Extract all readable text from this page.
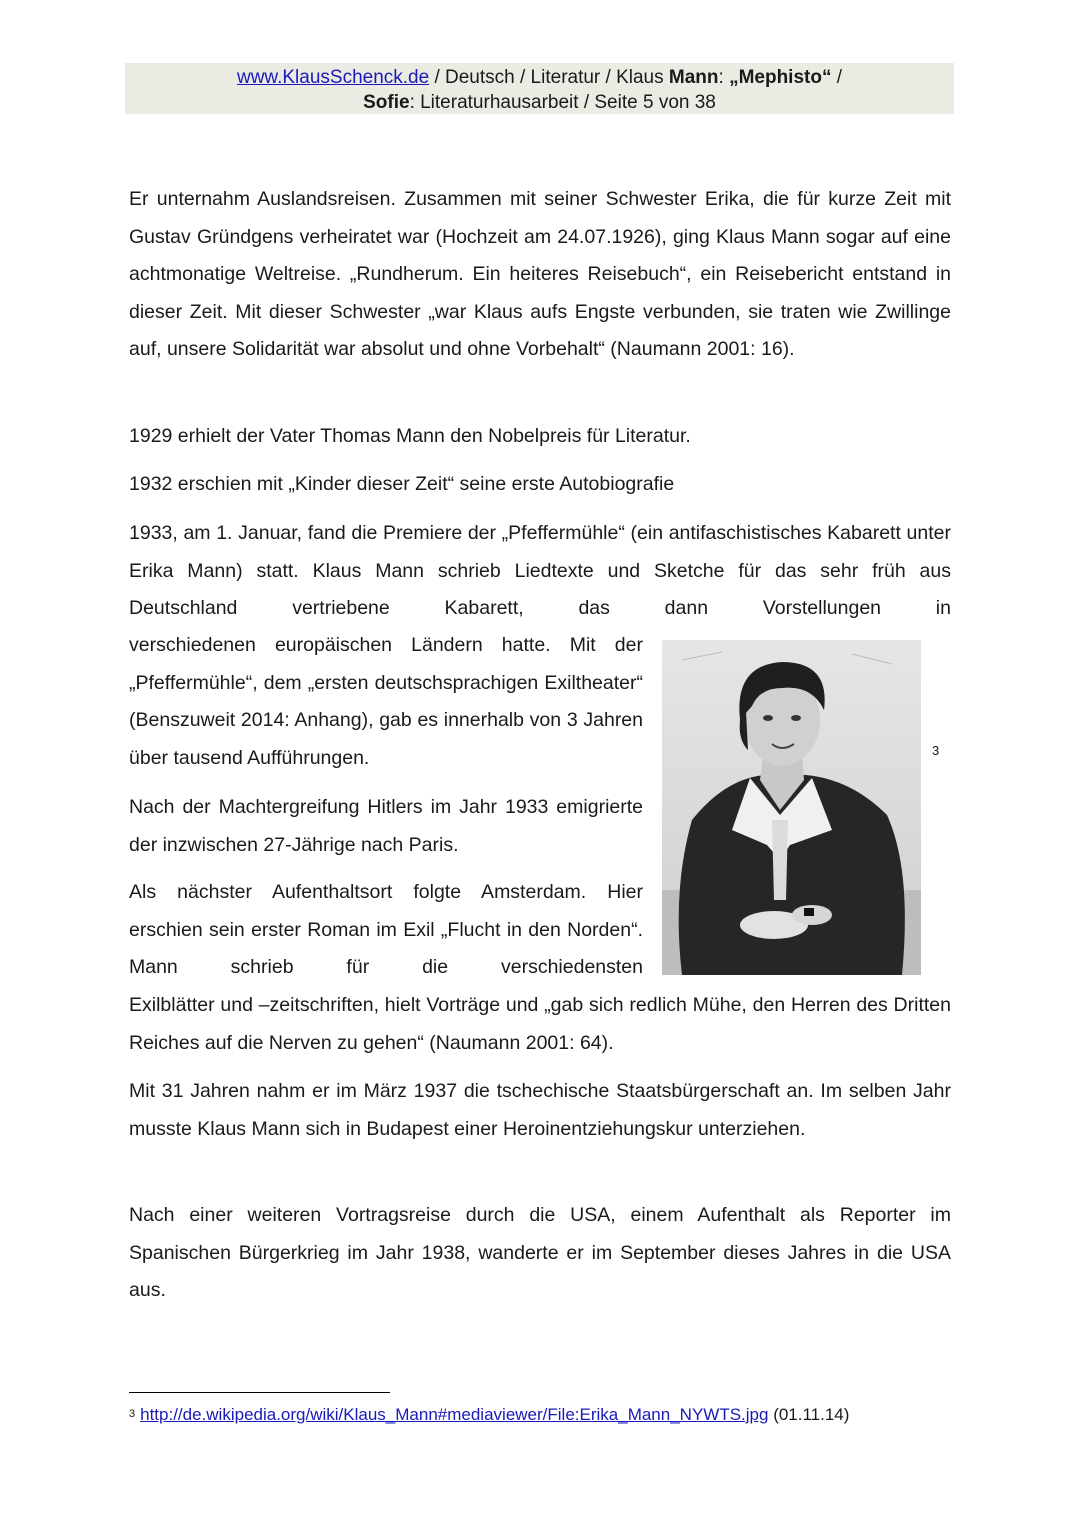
www.KlausSchenck.de / Deutsch / Literatur / Klaus Mann: „Mephisto“ /
Sofie: Literaturhausarbeit / Seite 5 von 38

Er unternahm Auslandsreisen. Zusammen mit seiner Schwester Erika, die für kurze Zeit mit Gustav Gründgens verheiratet war (Hochzeit am 24.07.1926), ging Klaus Mann sogar auf eine achtmonatige Weltreise. „Rundherum. Ein heiteres Reisebuch“, ein Reisebericht entstand in dieser Zeit. Mit dieser Schwester „war Klaus aufs Engste verbunden, sie traten wie Zwillinge auf, unsere Solidarität war absolut und ohne Vorbehalt“ (Naumann 2001: 16).

1929 erhielt der Vater Thomas Mann den Nobelpreis für Literatur.

1932 erschien mit „Kinder dieser Zeit“ seine erste Autobiografie

1933, am 1. Januar, fand die Premiere der „Pfeffermühle“ (ein antifaschistisches Kabarett unter Erika Mann) statt. Klaus Mann schrieb Liedtexte und Sketche für das sehr früh aus Deutschland vertriebene Kabarett, das dann Vorstellungen in

verschiedenen europäischen Ländern hatte. Mit der „Pfeffermühle“, dem „ersten deutschsprachigen Exiltheater“ (Benszuweit 2014: Anhang), gab es innerhalb von 3 Jahren über tausend Aufführungen.

Nach der Machtergreifung Hitlers im Jahr 1933 emigrierte der inzwischen 27-Jährige nach Paris.

Als nächster Aufenthaltsort folgte Amsterdam. Hier erschien sein erster Roman im Exil „Flucht in den Norden“. Mann schrieb für die verschiedensten

Exilblätter und –zeitschriften, hielt Vorträge und „gab sich redlich Mühe, den Herren des Dritten Reiches auf die Nerven zu gehen“ (Naumann 2001: 64).

Mit 31 Jahren nahm er im März 1937 die tschechische Staatsbürgerschaft an. Im selben Jahr musste Klaus Mann sich in Budapest einer Heroinentziehungskur unterziehen.

Nach einer weiteren Vortragsreise durch die USA, einem Aufenthalt als Reporter im Spanischen Bürgerkrieg im Jahr 1938, wanderte er im September dieses Jahres in die USA aus.

3
$^3$ http://de.wikipedia.org/wiki/Klaus_Mann#mediaviewer/File:Erika_Mann_NYWTS.jpg (01.11.14)
